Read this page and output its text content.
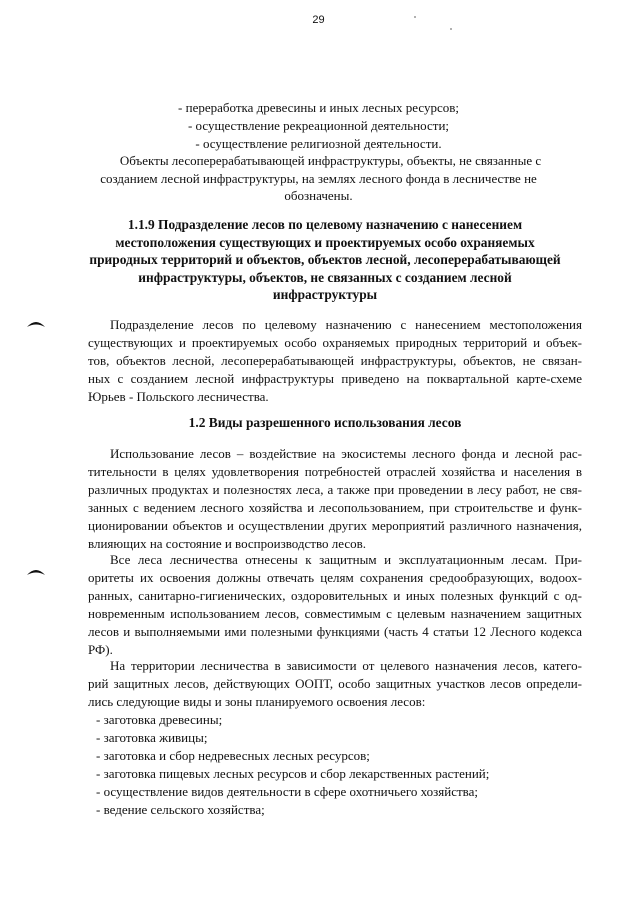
29
- переработка древесины и иных лесных ресурсов;
- осуществление рекреационной деятельности;
- осуществление религиозной деятельности.
Объекты лесоперерабатывающей инфраструктуры, объекты, не связанные с
созданием лесной инфраструктуры, на землях лесного фонда в лесничестве не
обозначены.
1.1.9 Подразделение лесов по целевому назначению с нанесением
местоположения существующих и проектируемых особо охраняемых
природных территорий и объектов, объектов лесной, лесоперерабатывающей
инфраструктуры, объектов, не связанных с созданием лесной
инфраструктуры
Подразделение лесов по целевому назначению с нанесением местоположения
существующих и проектируемых особо охраняемых природных территорий и объек-
тов, объектов лесной, лесоперерабатывающей инфраструктуры, объектов, не связан-
ных с созданием лесной инфраструктуры приведено на поквартальной карте-схеме
Юрьев - Польского лесничества.
1.2 Виды разрешенного использования лесов
Использование лесов – воздействие на экосистемы лесного фонда и лесной рас-
тительности в целях удовлетворения потребностей отраслей хозяйства и населения в
различных продуктах и полезностях леса, а также при проведении в лесу работ, не свя-
занных с ведением лесного хозяйства и лесопользованием, при строительстве и функ-
ционировании объектов и осуществлении других мероприятий различного назначения,
влияющих на состояние и воспроизводство лесов.
Все леса лесничества отнесены к защитным и эксплуатационным лесам. При-
оритеты их освоения должны отвечать целям сохранения средообразующих, водоох-
ранных, санитарно-гигиенических, оздоровительных и иных полезных функций с од-
новременным использованием лесов, совместимым с целевым назначением защитных
лесов и выполняемыми ими полезными функциями (часть 4 статьи 12 Лесного кодекса
РФ).
На территории лесничества в зависимости от целевого назначения лесов, катего-
рий защитных лесов, действующих ООПТ, особо защитных участков лесов определи-
лись следующие виды и зоны планируемого освоения лесов:
- заготовка древесины;
- заготовка живицы;
- заготовка и сбор недревесных лесных ресурсов;
- заготовка пищевых лесных ресурсов и сбор лекарственных растений;
- осуществление видов деятельности в сфере охотничьего хозяйства;
- ведение сельского хозяйства;
